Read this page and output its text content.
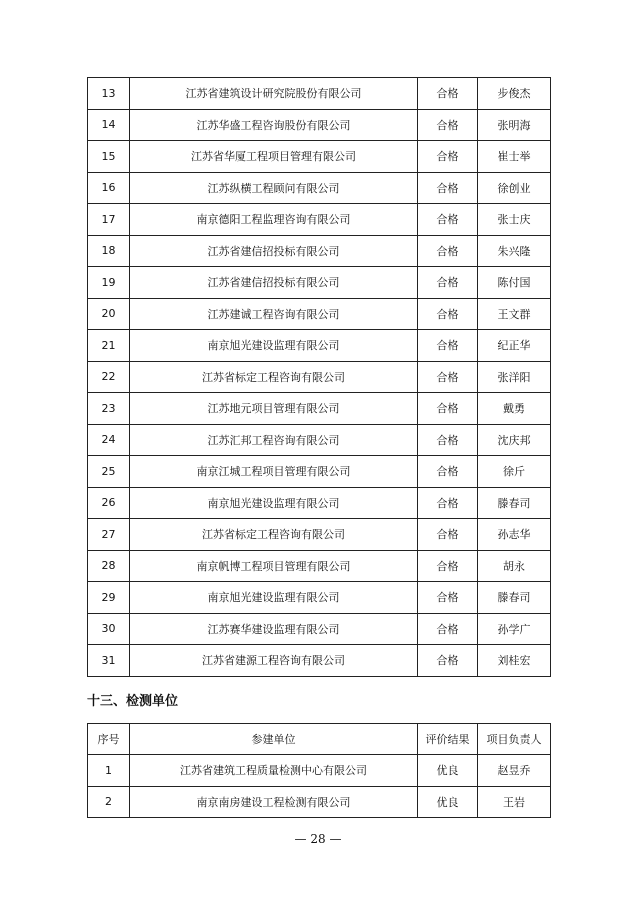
13	江苏省建筑设计研究院股份有限公司	合格	步俊杰
14	江苏华盛工程咨询股份有限公司	合格	张明海
15	江苏省华厦工程项目管理有限公司	合格	崔士举
16	江苏纵横工程顾问有限公司	合格	徐创业
17	南京德阳工程监理咨询有限公司	合格	张士庆
18	江苏省建信招投标有限公司	合格	朱兴隆
19	江苏省建信招投标有限公司	合格	陈付国
20	江苏建诚工程咨询有限公司	合格	王文群
21	南京旭光建设监理有限公司	合格	纪正华
22	江苏省标定工程咨询有限公司	合格	张洋阳
23	江苏地元项目管理有限公司	合格	戴勇
24	江苏汇邦工程咨询有限公司	合格	沈庆邦
25	南京江城工程项目管理有限公司	合格	徐斤
26	南京旭光建设监理有限公司	合格	滕春司
27	江苏省标定工程咨询有限公司	合格	孙志华
28	南京帆博工程项目管理有限公司	合格	胡永
29	南京旭光建设监理有限公司	合格	滕春司
30	江苏赛华建设监理有限公司	合格	孙学广
31	江苏省建源工程咨询有限公司	合格	刘桂宏
十三、检测单位
序号	参建单位	评价结果	项目负责人
1	江苏省建筑工程质量检测中心有限公司	优良	赵昱乔
2	南京南房建设工程检测有限公司	优良	王岩
— 28 —
